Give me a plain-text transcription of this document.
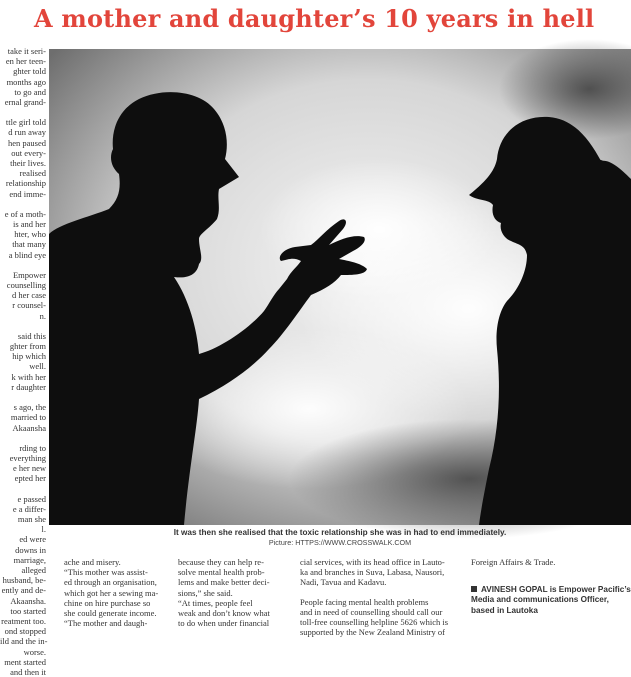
A mother and daughter’s 10 years in hell
take it seri-
en her teen-
ghter told
months ago
to go and
ernal grand-
ttle girl told
d run away
hen paused
out every-
their lives.
realised
relationship
end imme-
e of a moth-
is and her
hter, who
that many
a blind eye
Empower
counselling
d her case
r counsel-
n.
said this
ghter from
hip which
well.
k with her
r daughter
s ago, the
married to
Akaansha
rding to
everything
e her new
epted her
e passed
e a differ-
man she
l.
ed were
downs in
marriage,
alleged
husband, be-
ently and de-
Akaansha.
too started
reatment too.
ond stopped
ild and the in-
worse.
ment started
and then it
It was then she realised that the toxic relationship she was in had to end immediately.
Picture: HTTPS://WWW.CROSSWALK.COM
ache and misery.
“This mother was assist-
ed through an organisation,
which got her a sewing ma-
chine on hire purchase so
she could generate income.
“The mother and daugh-
because they can help re-
solve mental health prob-
lems and make better deci-
sions,” she said.
“At times, people feel
weak and don’t know what
to do when under financial
cial services, with its head office in Lauto-
ka and branches in Suva, Labasa, Nausori,
Nadi, Tavua and Kadavu.
People facing mental health problems
and in need of counselling should call our
toll-free counselling helpline 5626 which is
supported by the New Zealand Ministry of
Foreign Affairs & Trade.
AVINESH GOPAL is Empower Pacific’s
Media and communications Officer,
based in Lautoka
